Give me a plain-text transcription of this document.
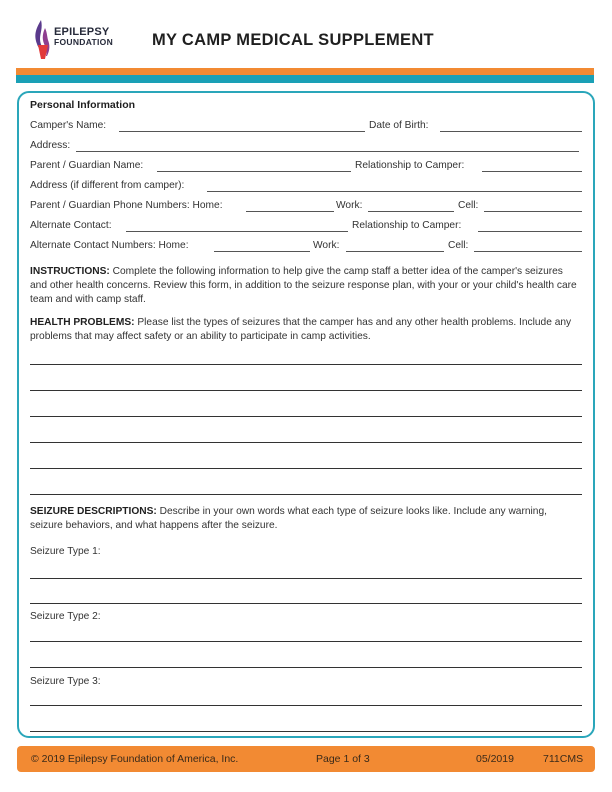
EPILEPSY
FOUNDATION MY CAMP MEDICAL SUPPLEMENT
Personal Information
Camper's Name:	Date of Birth:
Address:
Parent / Guardian Name:	Relationship to Camper:
Address (if different from camper):
Parent / Guardian Phone Numbers: Home:	Work:	Cell:
Alternate Contact:	Relationship to Camper:
Alternate Contact Numbers: Home:	Work:	Cell:
INSTRUCTIONS: Complete the following information to help give the camp staff a better idea of the camper's seizures and other health concerns. Review this form, in addition to the seizure response plan, with your or your child's health care team and with camp staff.
HEALTH PROBLEMS: Please list the types of seizures that the camper has and any other health problems. Include any problems that may affect safety or an ability to participate in camp activities.
SEIZURE DESCRIPTIONS: Describe in your own words what each type of seizure looks like. Include any warning, seizure behaviors, and what happens after the seizure.
Seizure Type 1:
Seizure Type 2:
Seizure Type 3:
© 2019 Epilepsy Foundation of America, Inc.	Page 1 of 3	05/2019	711CMS
